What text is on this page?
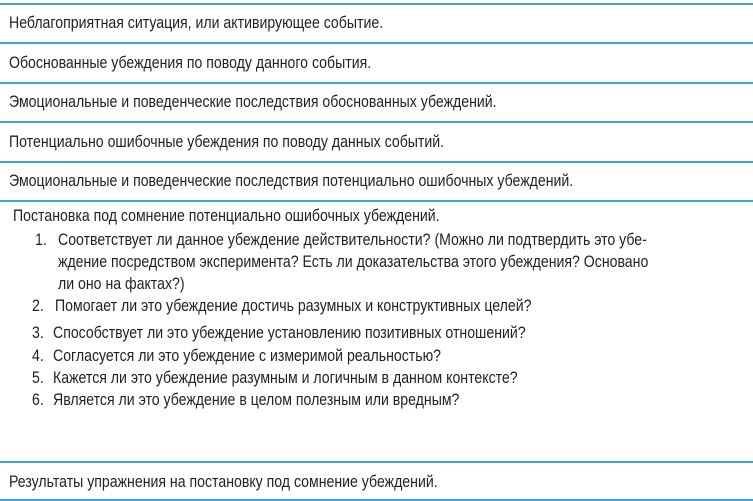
Неблагоприятная ситуация, или активирующее событие.
Обоснованные убеждения по поводу данного события.
Эмоциональные и поведенческие последствия обоснованных убеждений.
Потенциально ошибочные убеждения по поводу данных событий.
Эмоциональные и поведенческие последствия потенциально ошибочных убеждений.
Постановка под сомнение потенциально ошибочных убеждений.
1. Соответствует ли данное убеждение действительности? (Можно ли подтвердить это убе-
ждение посредством эксперимента? Есть ли доказательства этого убеждения? Основано
ли оно на фактах?)
2. Помогает ли это убеждение достичь разумных и конструктивных целей?
3. Способствует ли это убеждение установлению позитивных отношений?
4. Согласуется ли это убеждение с измеримой реальностью?
5. Кажется ли это убеждение разумным и логичным в данном контексте?
6. Является ли это убеждение в целом полезным или вредным?
Результаты упражнения на постановку под сомнение убеждений.
